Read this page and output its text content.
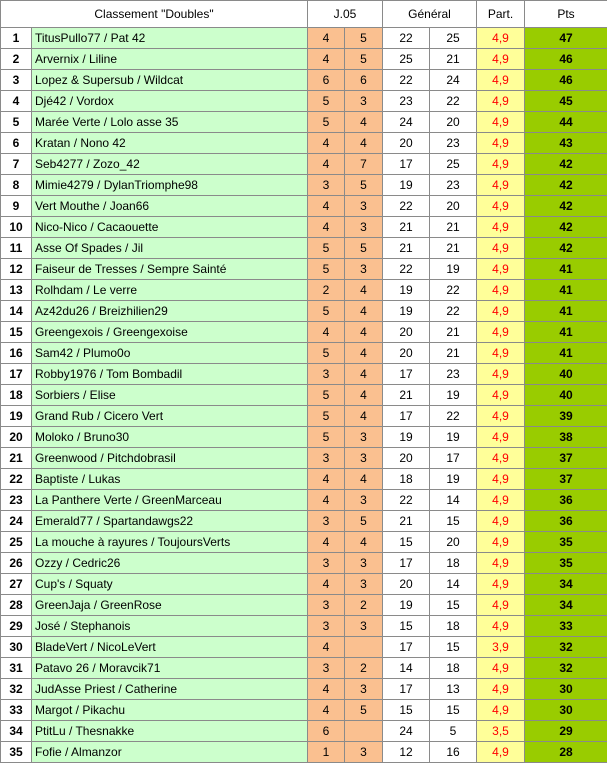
Classement "Doubles"		J.05		Général		Part.	Pts
1	TitusPullo77 / Pat 42	4	5	22	25	4,9	47
2	Arvernix / Liline	4	5	25	21	4,9	46
3	Lopez & Supersub / Wildcat	6	6	22	24	4,9	46
4	Djé42 / Vordox	5	3	23	22	4,9	45
5	Marée Verte / Lolo asse 35	5	4	24	20	4,9	44
6	Kratan / Nono 42	4	4	20	23	4,9	43
7	Seb4277 / Zozo_42	4	7	17	25	4,9	42
8	Mimie4279 / DylanTriomphe98	3	5	19	23	4,9	42
9	Vert Mouthe / Joan66	4	3	22	20	4,9	42
10	Nico-Nico / Cacaouette	4	3	21	21	4,9	42
11	Asse Of Spades / Jil	5	5	21	21	4,9	42
12	Faiseur de Tresses / Sempre Sainté	5	3	22	19	4,9	41
13	Rolhdam / Le verre	2	4	19	22	4,9	41
14	Az42du26 / Breizhilien29	5	4	19	22	4,9	41
15	Greengexois / Greengexoise	4	4	20	21	4,9	41
16	Sam42 / Plumo0o	5	4	20	21	4,9	41
17	Robby1976 / Tom Bombadil	3	4	17	23	4,9	40
18	Sorbiers / Elise	5	4	21	19	4,9	40
19	Grand Rub / Cicero Vert	5	4	17	22	4,9	39
20	Moloko / Bruno30	5	3	19	19	4,9	38
21	Greenwood / Pitchdobrasil	3	3	20	17	4,9	37
22	Baptiste / Lukas	4	4	18	19	4,9	37
23	La Panthere Verte / GreenMarceau	4	3	22	14	4,9	36
24	Emerald77 / Spartandawgs22	3	5	21	15	4,9	36
25	La mouche à rayures / ToujoursVerts	4	4	15	20	4,9	35
26	Ozzy / Cedric26	3	3	17	18	4,9	35
27	Cup's / Squaty	4	3	20	14	4,9	34
28	GreenJaja / GreenRose	3	2	19	15	4,9	34
29	José / Stephanois	3	3	15	18	4,9	33
30	BladeVert / NicoLeVert	4		17	15	3,9	32
31	Patavo 26 / Moravcik71	3	2	14	18	4,9	32
32	JudAsse Priest / Catherine	4	3	17	13	4,9	30
33	Margot / Pikachu	4	5	15	15	4,9	30
34	PtitLu / Thesnakke	6		24	5	3,5	29
35	Fofie / Almanzor	1	3	12	16	4,9	28
